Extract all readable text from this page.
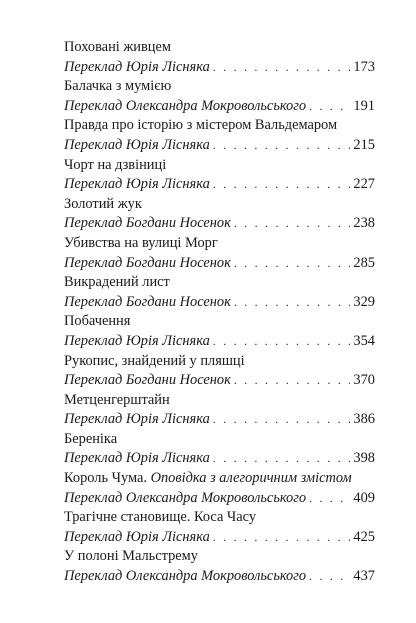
Поховані живцем
Переклад Юрія Лісняка . . .	173
Балачка з мумією
Переклад Олександра Мокровольського . . .	191
Правда про історію з містером Вальдемаром
Переклад Юрія Лісняка . . .	215
Чорт на дзвіниці
Переклад Юрія Лісняка . . .	227
Золотий жук
Переклад Богдани Носенок . . .	238
Убивства на вулиці Морг
Переклад Богдани Носенок . . .	285
Викрадений лист
Переклад Богдани Носенок . . .	329
Побачення
Переклад Юрія Лісняка . . .	354
Рукопис, знайдений у пляшці
Переклад Богдани Носенок . . .	370
Метценгерштайн
Переклад Юрія Лісняка . . .	386
Береніка
Переклад Юрія Лісняка . . .	398
Король Чума. Оповідка з алегоричним змістом
Переклад Олександра Мокровольського . . .	409
Трагічне становище. Коса Часу
Переклад Юрія Лісняка . . .	425
У полоні Мальстрему
Переклад Олександра Мокровольського . . .	437
